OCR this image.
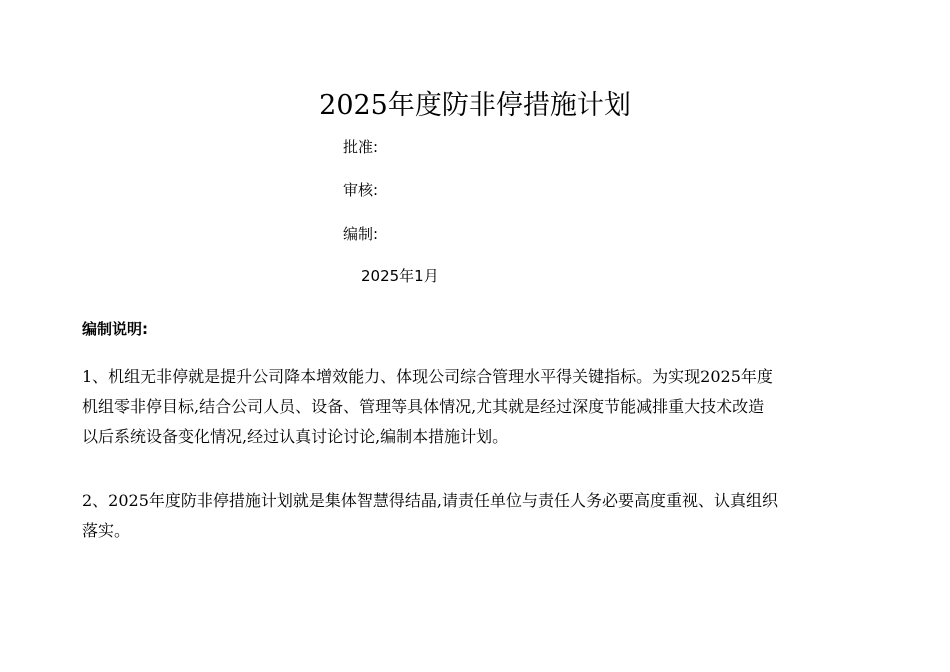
2025年度防非停措施计划
批准:
审核:
编制:
2025年1月
编制说明:
1、机组无非停就是提升公司降本增效能力、体现公司综合管理水平得关键指标。为实现2025年度
机组零非停目标,结合公司人员、设备、管理等具体情况,尤其就是经过深度节能减排重大技术改造
以后系统设备变化情况,经过认真讨论讨论,编制本措施计划。
2、2025年度防非停措施计划就是集体智慧得结晶,请责任单位与责任人务必要高度重视、认真组织
落实。
